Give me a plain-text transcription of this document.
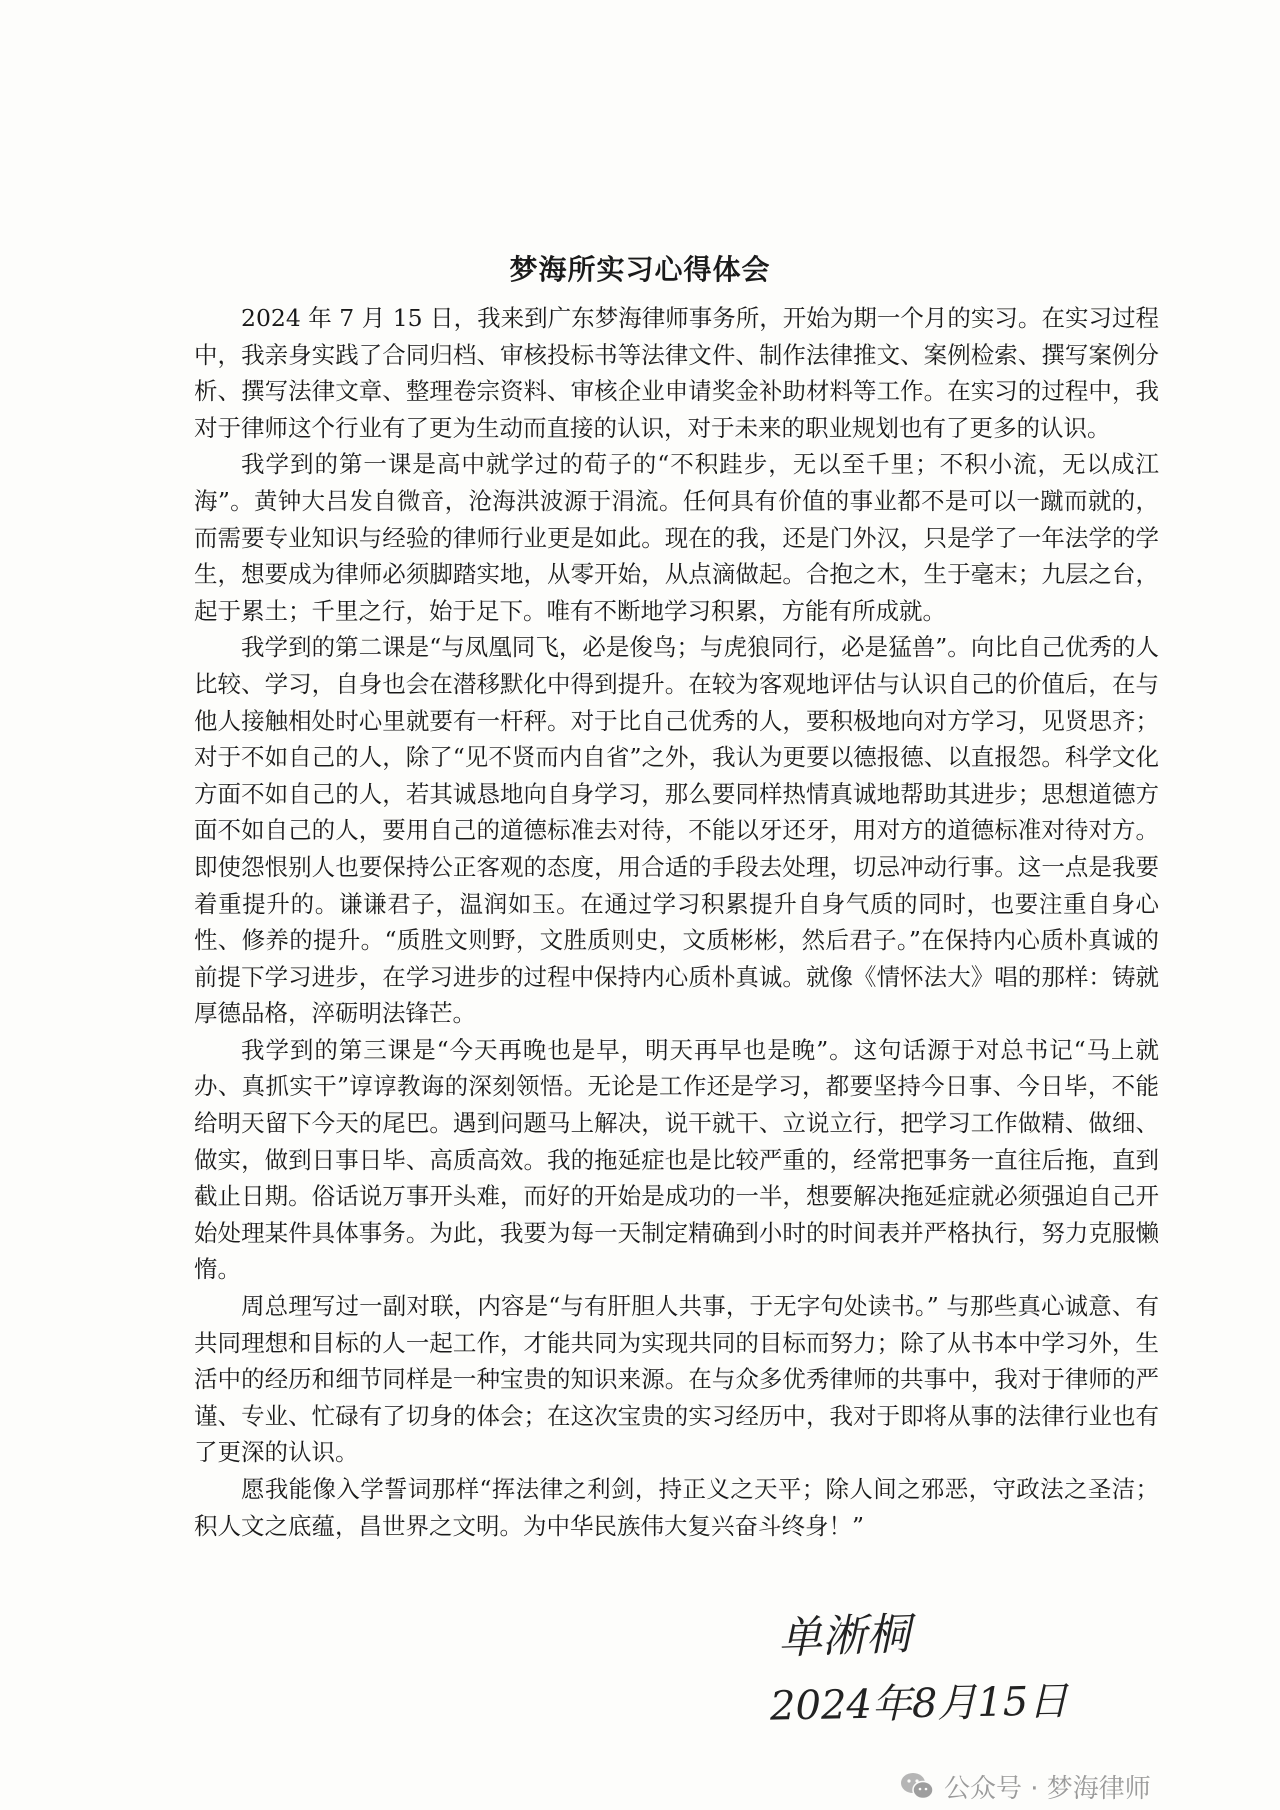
梦海所实习心得体会

2024 年 7 月 15 日，我来到广东梦海律师事务所，开始为期一个月的实习。在实习过程中，我亲身实践了合同归档、审核投标书等法律文件、制作法律推文、案例检索、撰写案例分析、撰写法律文章、整理卷宗资料、审核企业申请奖金补助材料等工作。在实习的过程中，我对于律师这个行业有了更为生动而直接的认识，对于未来的职业规划也有了更多的认识。

我学到的第一课是高中就学过的荀子的“不积跬步，无以至千里；不积小流，无以成江海”。黄钟大吕发自微音，沧海洪波源于涓流。任何具有价值的事业都不是可以一蹴而就的，而需要专业知识与经验的律师行业更是如此。现在的我，还是门外汉，只是学了一年法学的学生，想要成为律师必须脚踏实地，从零开始，从点滴做起。合抱之木，生于毫末；九层之台，起于累土；千里之行，始于足下。唯有不断地学习积累，方能有所成就。

我学到的第二课是“与凤凰同飞，必是俊鸟；与虎狼同行，必是猛兽”。向比自己优秀的人比较、学习，自身也会在潜移默化中得到提升。在较为客观地评估与认识自己的价值后，在与他人接触相处时心里就要有一杆秤。对于比自己优秀的人，要积极地向对方学习，见贤思齐；对于不如自己的人，除了“见不贤而内自省”之外，我认为更要以德报德、以直报怨。科学文化方面不如自己的人，若其诚恳地向自身学习，那么要同样热情真诚地帮助其进步；思想道德方面不如自己的人，要用自己的道德标准去对待，不能以牙还牙，用对方的道德标准对待对方。即使怨恨别人也要保持公正客观的态度，用合适的手段去处理，切忌冲动行事。这一点是我要着重提升的。谦谦君子，温润如玉。在通过学习积累提升自身气质的同时，也要注重自身心性、修养的提升。“质胜文则野，文胜质则史，文质彬彬，然后君子。”在保持内心质朴真诚的前提下学习进步，在学习进步的过程中保持内心质朴真诚。就像《情怀法大》唱的那样：铸就厚德品格，淬砺明法锋芒。

我学到的第三课是“今天再晚也是早，明天再早也是晚”。这句话源于对总书记“马上就办、真抓实干”谆谆教诲的深刻领悟。无论是工作还是学习，都要坚持今日事、今日毕，不能给明天留下今天的尾巴。遇到问题马上解决，说干就干、立说立行，把学习工作做精、做细、做实，做到日事日毕、高质高效。我的拖延症也是比较严重的，经常把事务一直往后拖，直到截止日期。俗话说万事开头难，而好的开始是成功的一半，想要解决拖延症就必须强迫自己开始处理某件具体事务。为此，我要为每一天制定精确到小时的时间表并严格执行，努力克服懒惰。

周总理写过一副对联，内容是“与有肝胆人共事，于无字句处读书。” 与那些真心诚意、有共同理想和目标的人一起工作，才能共同为实现共同的目标而努力；除了从书本中学习外，生活中的经历和细节同样是一种宝贵的知识来源。在与众多优秀律师的共事中，我对于律师的严谨、专业、忙碌有了切身的体会；在这次宝贵的实习经历中，我对于即将从事的法律行业也有了更深的认识。

愿我能像入学誓词那样“挥法律之利剑，持正义之天平；除人间之邪恶，守政法之圣洁；积人文之底蕴，昌世界之文明。为中华民族伟大复兴奋斗终身！”

单淅桐
2024年8月15日
公众号 · 梦海律师
